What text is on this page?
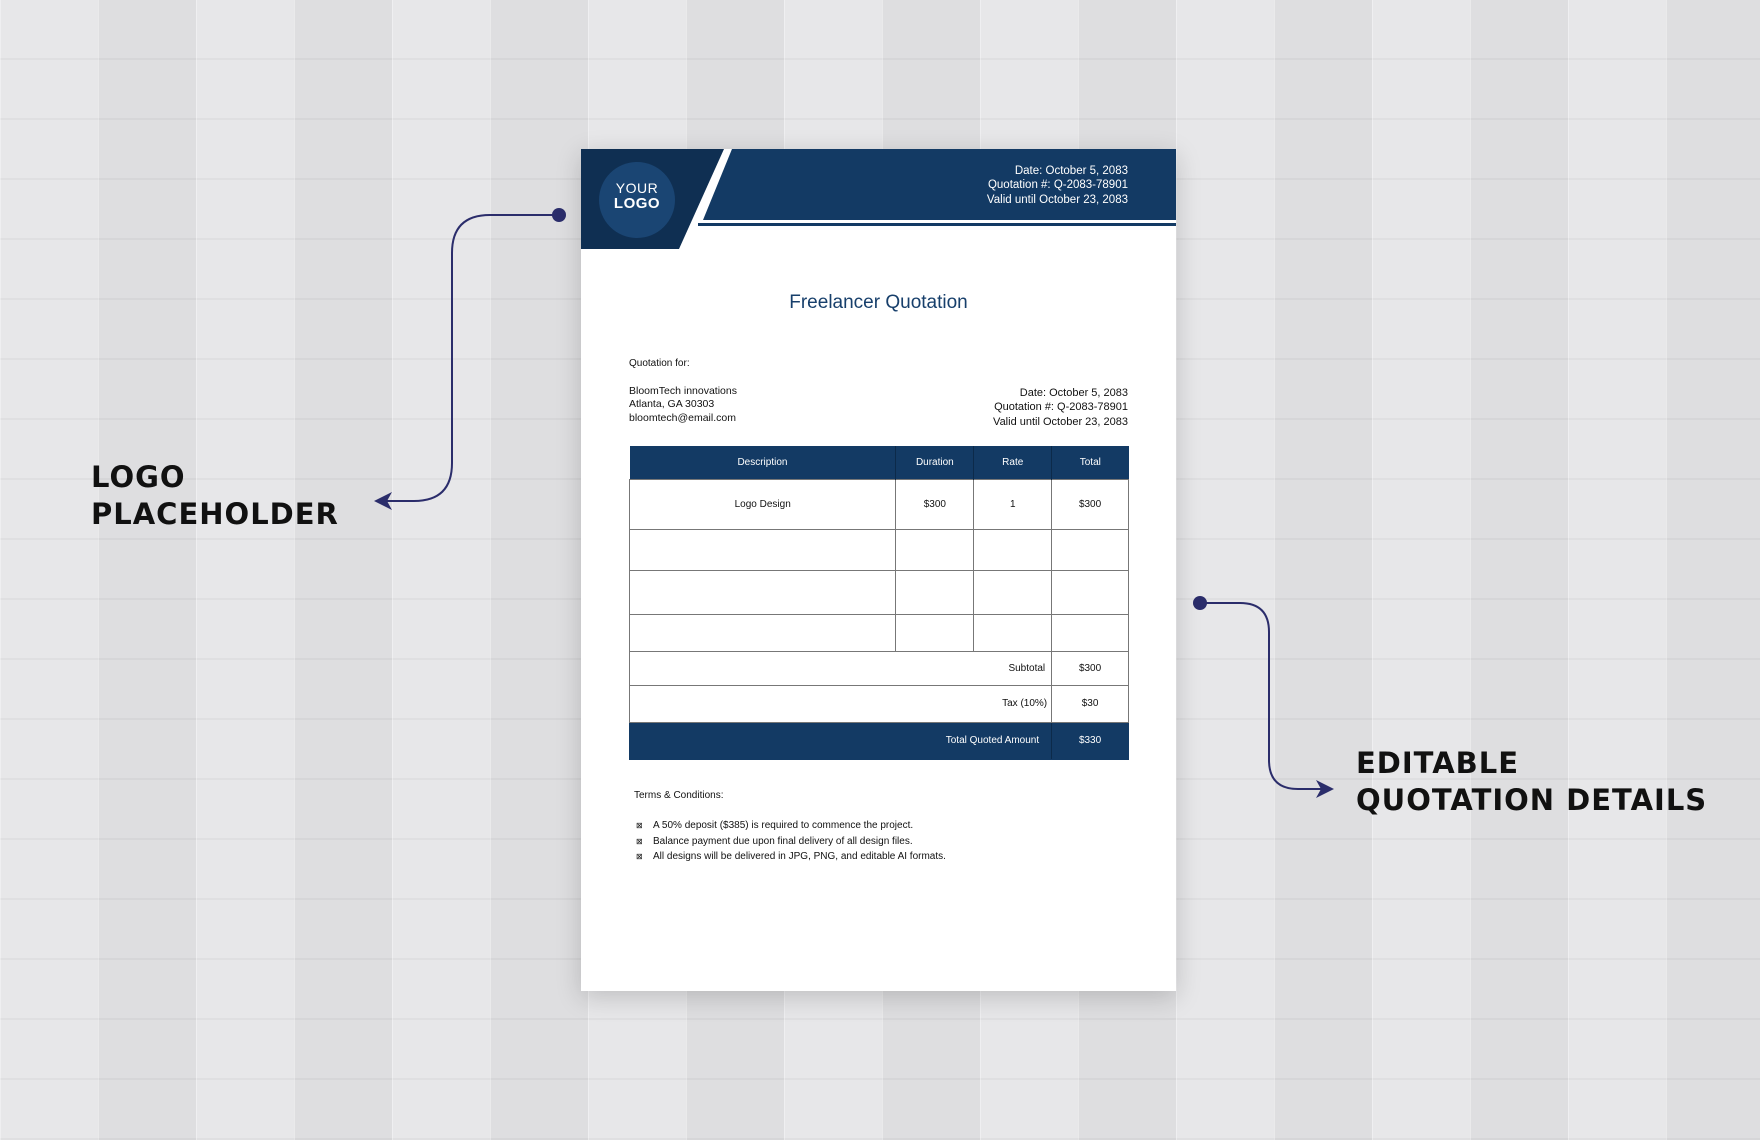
LOGO
PLACEHOLDER
EDITABLE
QUOTATION DETAILS
YOUR
LOGO
Date: October 5, 2083
Quotation #: Q-2083-78901
Valid until October 23, 2083
Freelancer Quotation
Quotation for:
BloomTech innovations
Atlanta, GA 30303
bloomtech@email.com
Date: October 5, 2083
Quotation #: Q-2083-78901
Valid until October 23, 2083
Description	Duration	Rate	Total
Logo Design	$300	1	$300

Subtotal			$300
Tax (10%)			$30
Total Quoted Amount			$330
Terms & Conditions:
⊠ A 50% deposit ($385) is required to commence the project.
⊠ Balance payment due upon final delivery of all design files.
⊠ All designs will be delivered in JPG, PNG, and editable AI formats.
